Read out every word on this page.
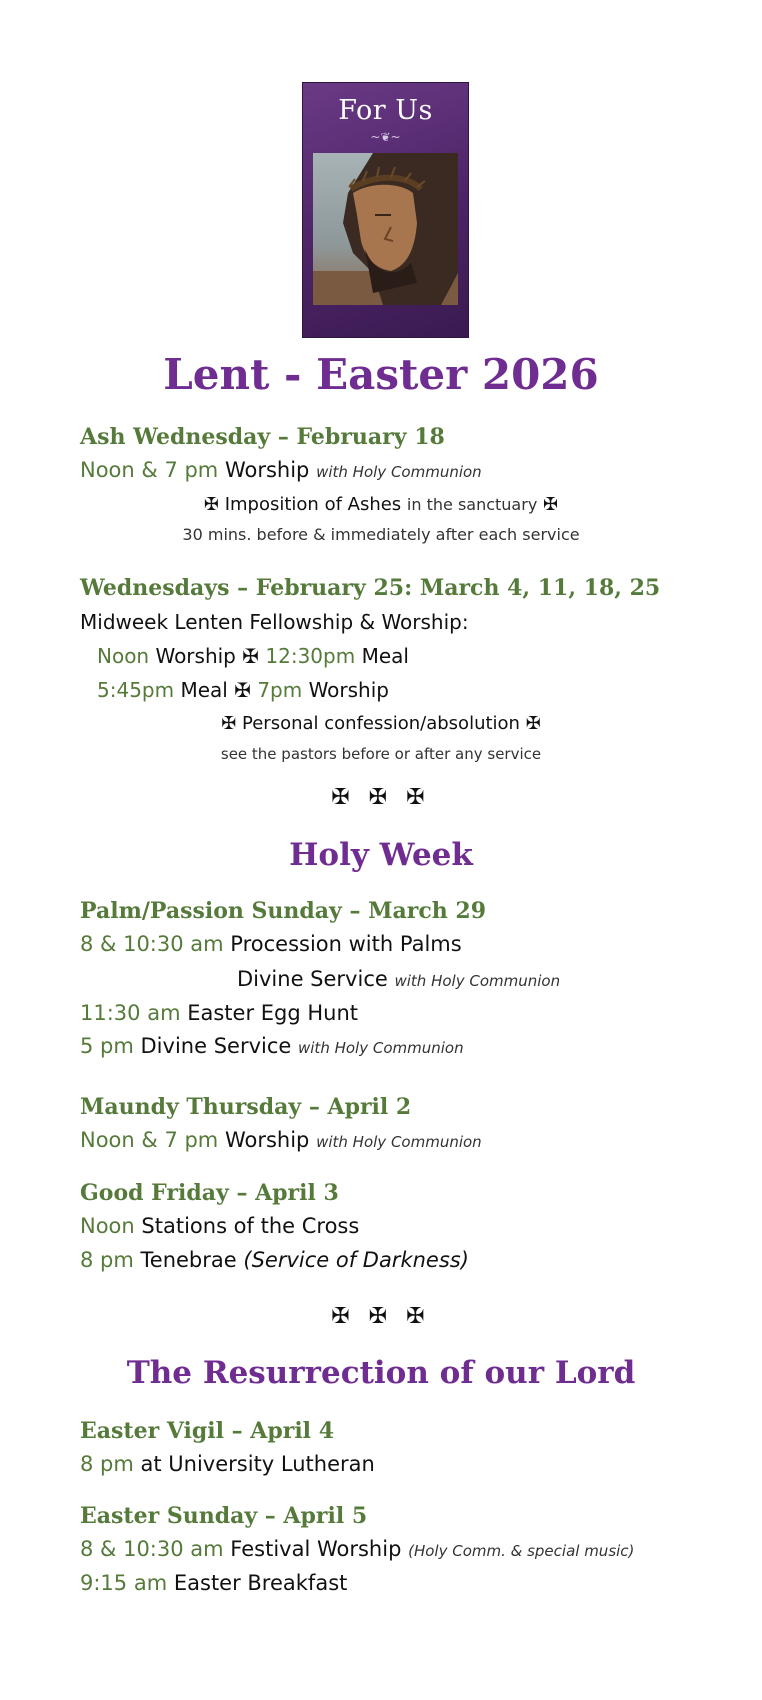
For Us
~❦~
Lent - Easter 2026
Ash Wednesday – February 18
Noon & 7 pm Worship with Holy Communion
✠ Imposition of Ashes in the sanctuary ✠
30 mins. before & immediately after each service
Wednesdays – February 25: March 4, 11, 18, 25
Midweek Lenten Fellowship & Worship:
Noon Worship ✠ 12:30pm Meal
5:45pm Meal ✠ 7pm Worship
✠ Personal confession/absolution ✠
see the pastors before or after any service
✠ ✠ ✠
Holy Week
Palm/Passion Sunday – March 29
8 & 10:30 am Procession with Palms
Divine Service with Holy Communion
11:30 am Easter Egg Hunt
5 pm Divine Service with Holy Communion
Maundy Thursday – April 2
Noon & 7 pm Worship with Holy Communion
Good Friday – April 3
Noon Stations of the Cross
8 pm Tenebrae (Service of Darkness)
✠ ✠ ✠
The Resurrection of our Lord
Easter Vigil – April 4
8 pm at University Lutheran
Easter Sunday – April 5
8 & 10:30 am Festival Worship (Holy Comm. & special music)
9:15 am Easter Breakfast
